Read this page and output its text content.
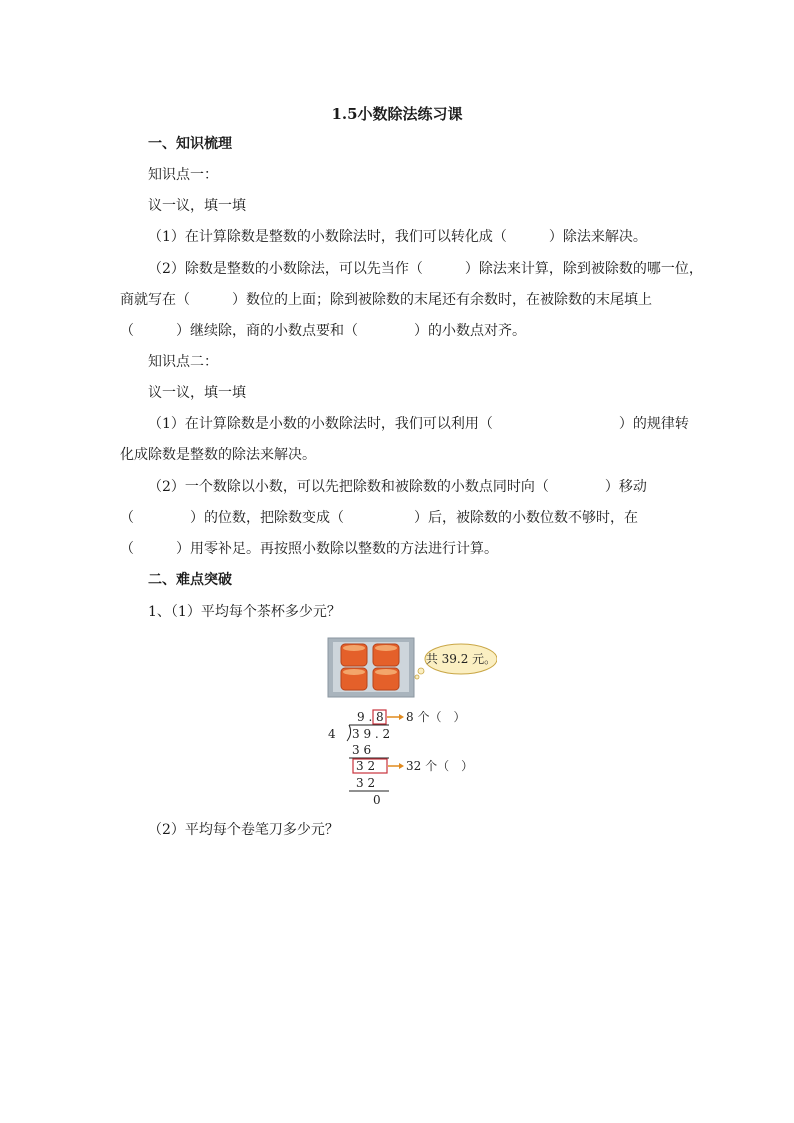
1.5小数除法练习课
一、知识梳理
知识点一：
议一议，填一填
（1）在计算除数是整数的小数除法时，我们可以转化成（　　　）除法来解决。
（2）除数是整数的小数除法，可以先当作（　　　）除法来计算，除到被除数的哪一位，
商就写在（　　　）数位的上面；除到被除数的末尾还有余数时，在被除数的末尾填上
（　　　）继续除，商的小数点要和（　　　　）的小数点对齐。
知识点二：
议一议，填一填
（1）在计算除数是小数的小数除法时，我们可以利用（　　　　　　　　　）的规律转
化成除数是整数的除法来解决。
（2）一个数除以小数，可以先把除数和被除数的小数点同时向（　　　　）移动
（　　　　）的位数，把除数变成（　　　　　）后，被除数的小数位数不够时，在
（　　　）用零补足。再按照小数除以整数的方法进行计算。
二、难点突破
1、（1）平均每个茶杯多少元？
共 39.2 元。
9 . 8 8 个（　）
4 3 9 . 2
3 6
3 2	32 个（　）
3 2
0
（2）平均每个卷笔刀多少元？
